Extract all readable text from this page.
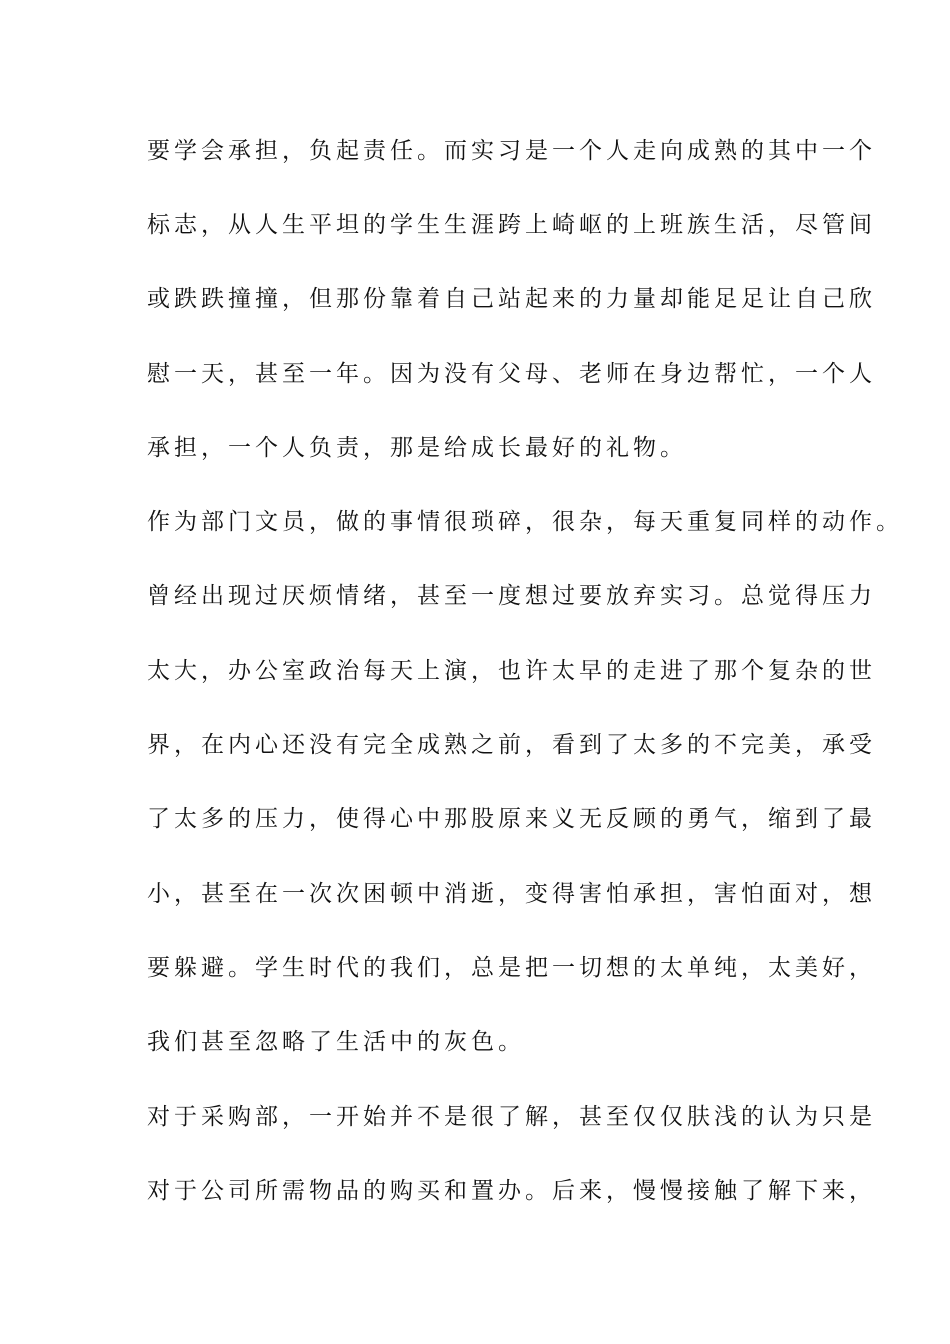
要学会承担，负起责任。而实习是一个人走向成熟的其中一个
标志，从人生平坦的学生生涯跨上崎岖的上班族生活，尽管间
或跌跌撞撞，但那份靠着自己站起来的力量却能足足让自己欣
慰一天，甚至一年。因为没有父母、老师在身边帮忙，一个人
承担，一个人负责，那是给成长最好的礼物。
作为部门文员，做的事情很琐碎，很杂，每天重复同样的动作。
曾经出现过厌烦情绪，甚至一度想过要放弃实习。总觉得压力
太大，办公室政治每天上演，也许太早的走进了那个复杂的世
界，在内心还没有完全成熟之前，看到了太多的不完美，承受
了太多的压力，使得心中那股原来义无反顾的勇气，缩到了最
小，甚至在一次次困顿中消逝，变得害怕承担，害怕面对，想
要躲避。学生时代的我们，总是把一切想的太单纯，太美好，
我们甚至忽略了生活中的灰色。
对于采购部，一开始并不是很了解，甚至仅仅肤浅的认为只是
对于公司所需物品的购买和置办。后来，慢慢接触了解下来，
